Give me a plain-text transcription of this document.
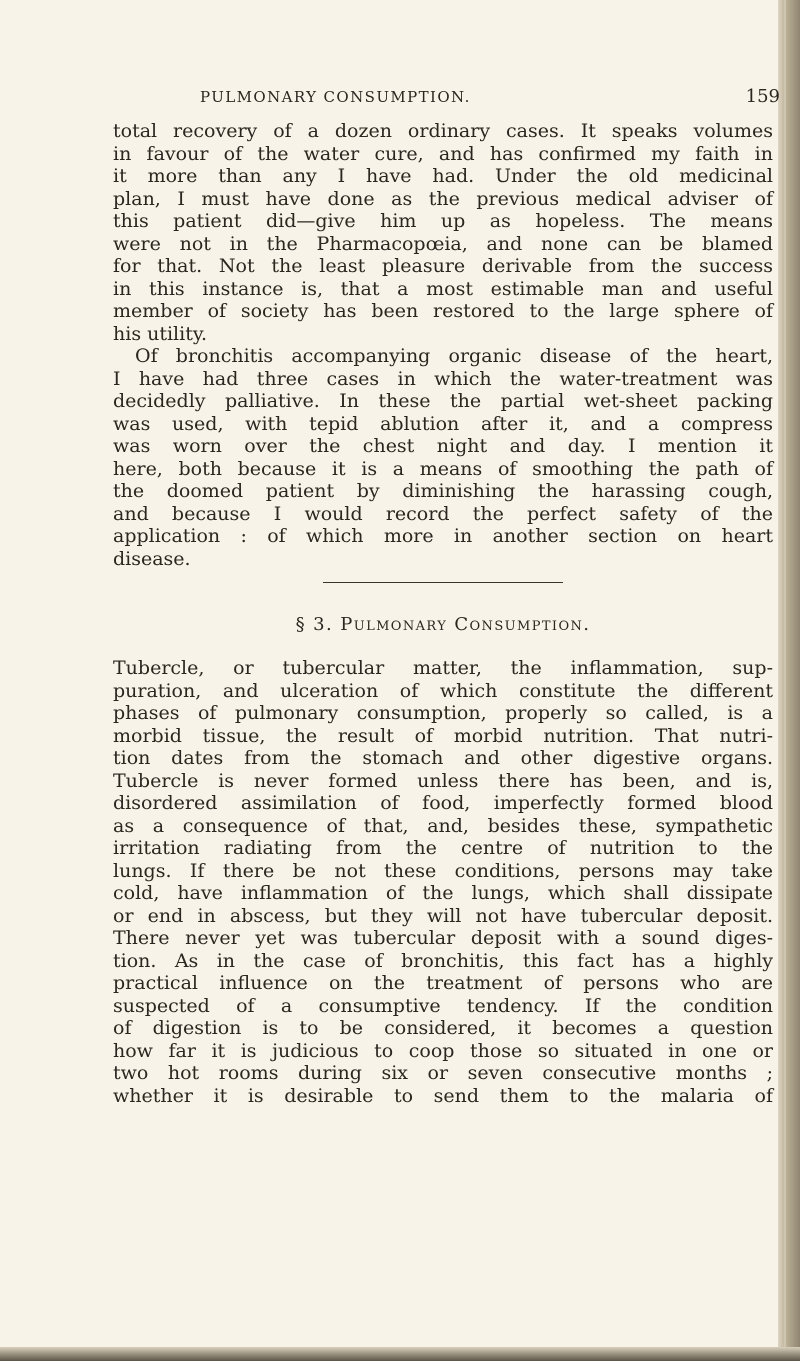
PULMONARY CONSUMPTION.	159

total recovery of a dozen ordinary cases. It speaks volumes

in favour of the water cure, and has confirmed my faith in

it more than any I have had. Under the old medicinal

plan, I must have done as the previous medical adviser of

this patient did—give him up as hopeless. The means

were not in the Pharmacopœia, and none can be blamed

for that. Not the least pleasure derivable from the success

in this instance is, that a most estimable man and useful

member of society has been restored to the large sphere of

his utility.

Of bronchitis accompanying organic disease of the heart,

I have had three cases in which the water-treatment was

decidedly palliative. In these the partial wet-sheet packing

was used, with tepid ablution after it, and a compress

was worn over the chest night and day. I mention it

here, both because it is a means of smoothing the path of

the doomed patient by diminishing the harassing cough,

and because I would record the perfect safety of the

application : of which more in another section on heart

disease.

§ 3. Pulmonary Consumption.

Tubercle, or tubercular matter, the inflammation, sup-

puration, and ulceration of which constitute the different

phases of pulmonary consumption, properly so called, is a

morbid tissue, the result of morbid nutrition. That nutri-

tion dates from the stomach and other digestive organs.

Tubercle is never formed unless there has been, and is,

disordered assimilation of food, imperfectly formed blood

as a consequence of that, and, besides these, sympathetic

irritation radiating from the centre of nutrition to the

lungs. If there be not these conditions, persons may take

cold, have inflammation of the lungs, which shall dissipate

or end in abscess, but they will not have tubercular deposit.

There never yet was tubercular deposit with a sound diges-

tion. As in the case of bronchitis, this fact has a highly

practical influence on the treatment of persons who are

suspected of a consumptive tendency. If the condition

of digestion is to be considered, it becomes a question

how far it is judicious to coop those so situated in one or

two hot rooms during six or seven consecutive months ;

whether it is desirable to send them to the malaria of
